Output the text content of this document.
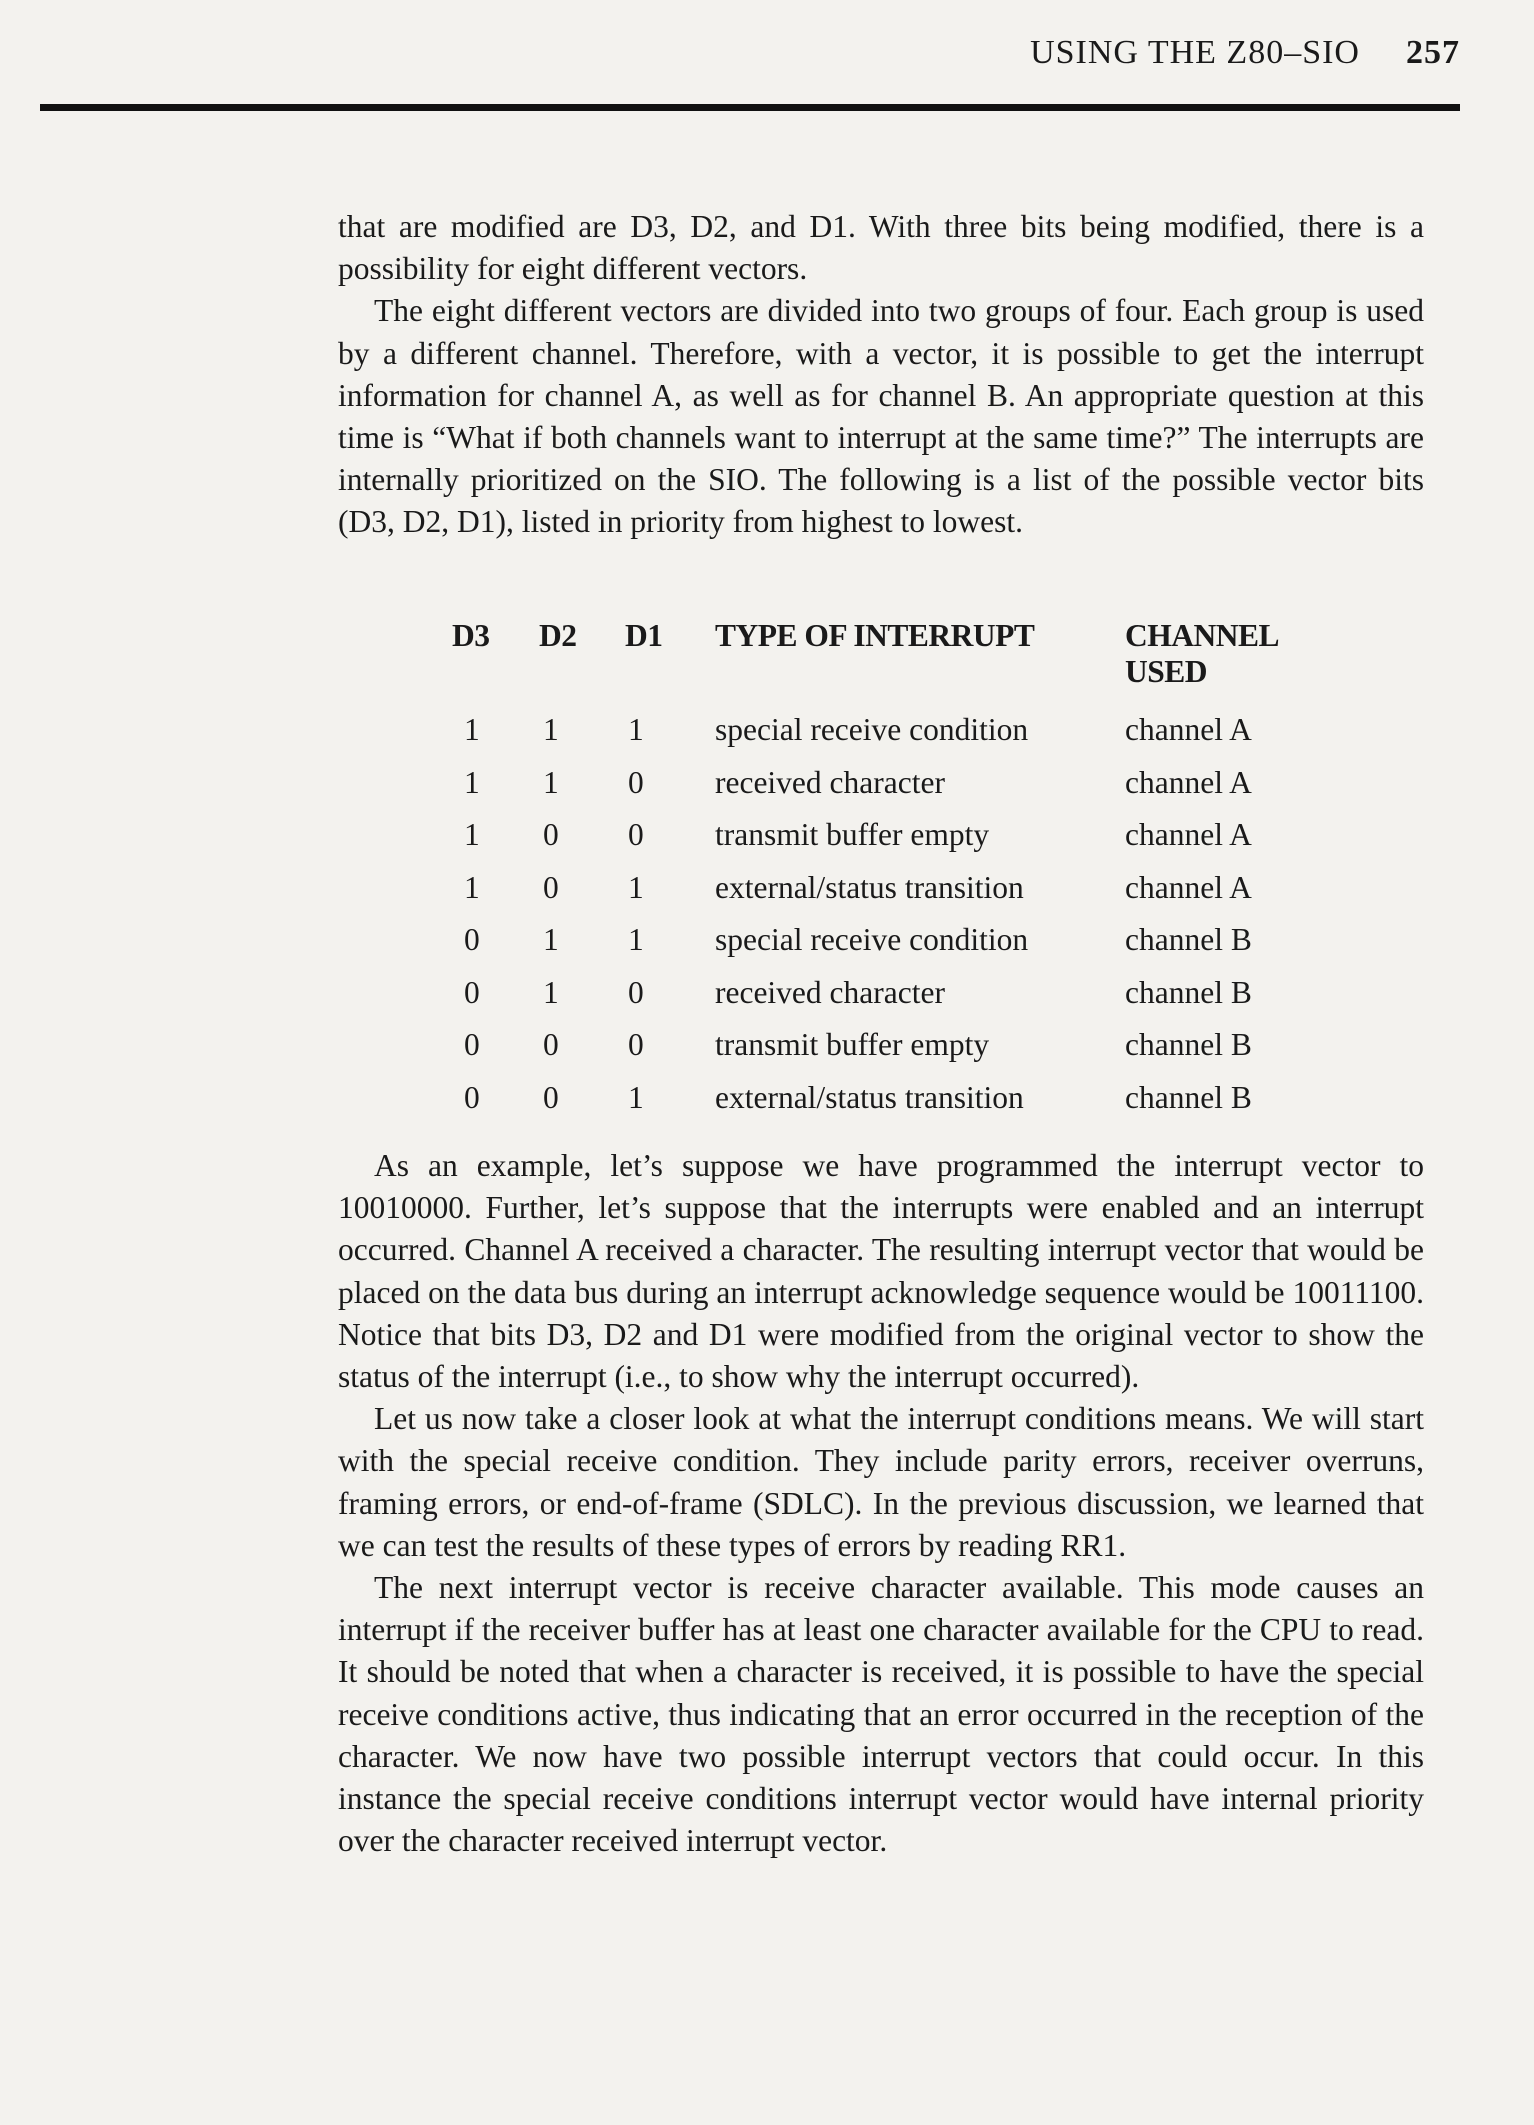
USING THE Z80–SIO 257

that are modified are D3, D2, and D1. With three bits being modified, there is a possibility for eight different vectors.

The eight different vectors are divided into two groups of four. Each group is used by a different channel. Therefore, with a vector, it is possible to get the interrupt information for channel A, as well as for channel B. An appropriate question at this time is “What if both channels want to interrupt at the same time?” The interrupts are internally prioritized on the SIO. The following is a list of the possible vector bits (D3, D2, D1), listed in priority from highest to lowest.

D3	D2	D1	TYPE OF INTERRUPT	CHANNEL USED
1	1	1	special receive condition	channel A
1	1	0	received character	channel A
1	0	0	transmit buffer empty	channel A
1	0	1	external/status transition	channel A
0	1	1	special receive condition	channel B
0	1	0	received character	channel B
0	0	0	transmit buffer empty	channel B
0	0	1	external/status transition	channel B

As an example, let’s suppose we have programmed the interrupt vector to 10010000. Further, let’s suppose that the interrupts were enabled and an interrupt occurred. Channel A received a character. The resulting interrupt vector that would be placed on the data bus during an interrupt acknowledge sequence would be 10011100. Notice that bits D3, D2 and D1 were modified from the original vector to show the status of the interrupt (i.e., to show why the interrupt occurred).

Let us now take a closer look at what the interrupt conditions means. We will start with the special receive condition. They include parity errors, receiver overruns, framing errors, or end-of-frame (SDLC). In the previous discussion, we learned that we can test the results of these types of errors by reading RR1.

The next interrupt vector is receive character available. This mode causes an interrupt if the receiver buffer has at least one character available for the CPU to read. It should be noted that when a character is received, it is possible to have the special receive conditions active, thus indicating that an error occurred in the reception of the character. We now have two possible interrupt vectors that could occur. In this instance the special receive conditions interrupt vector would have internal priority over the character received interrupt vector.
